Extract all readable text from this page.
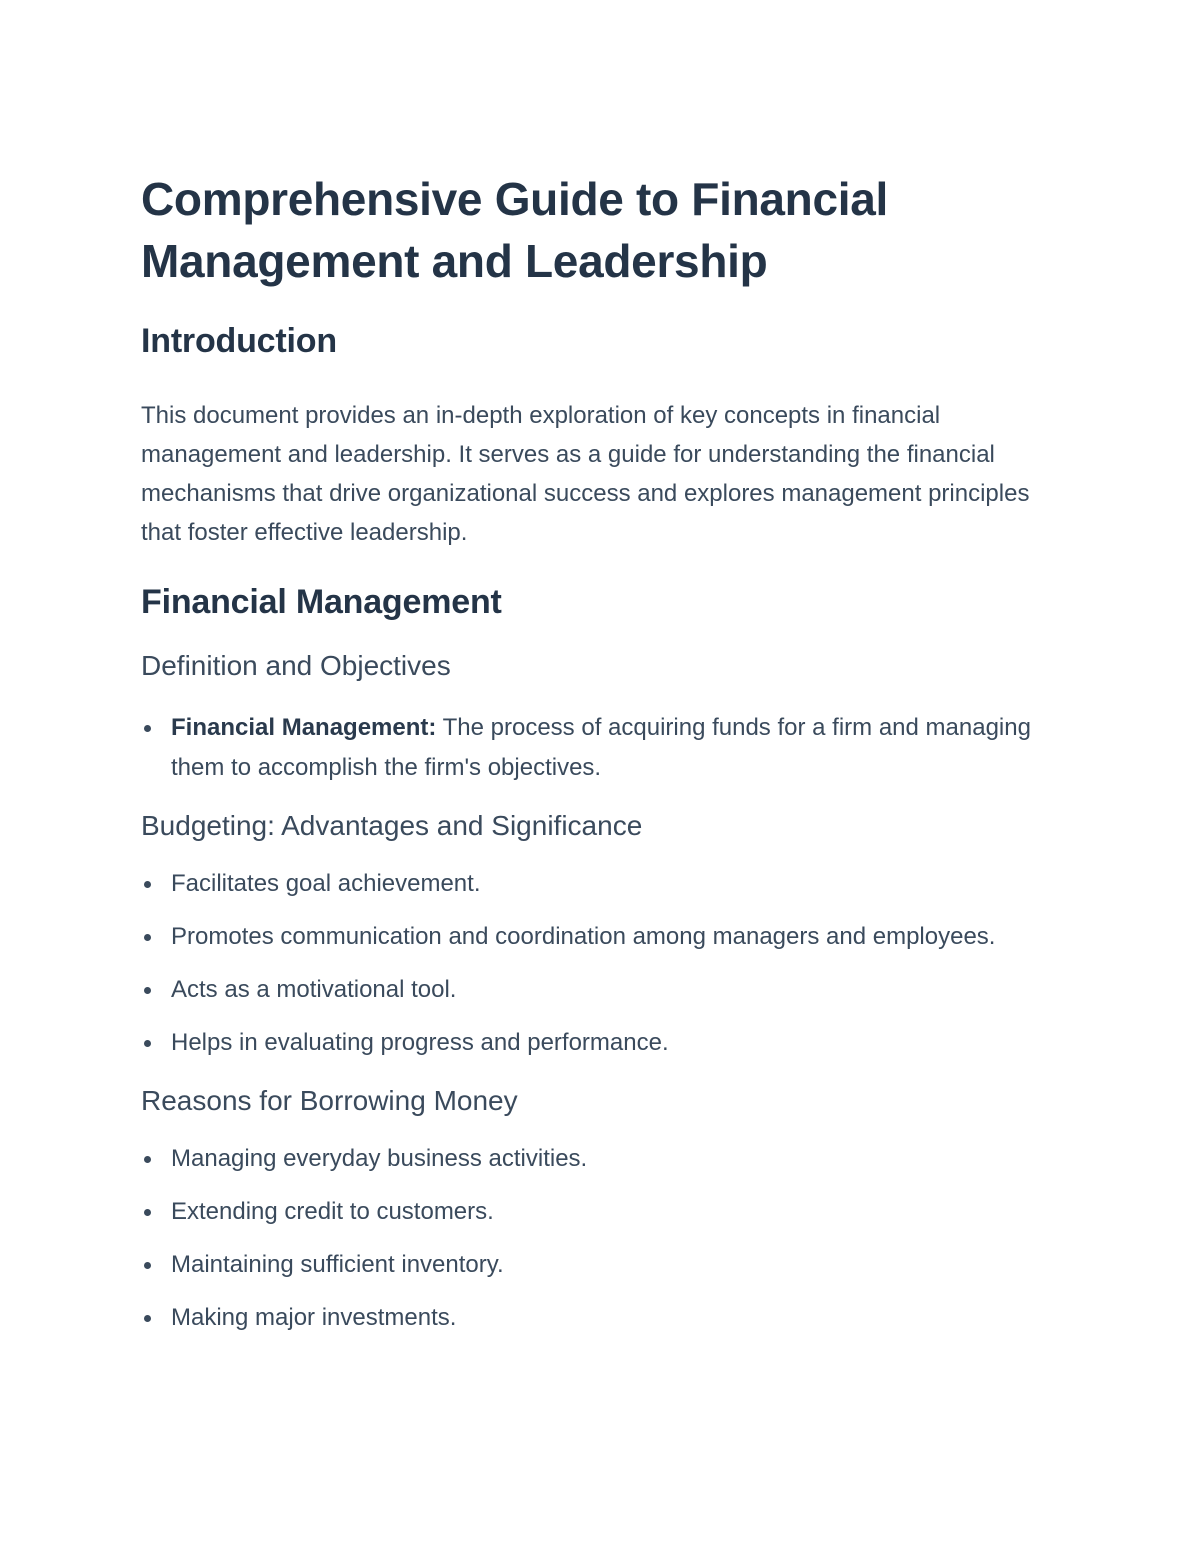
Comprehensive Guide to Financial Management and Leadership
Introduction

This document provides an in-depth exploration of key concepts in financial management and leadership. It serves as a guide for understanding the financial mechanisms that drive organizational success and explores management principles that foster effective leadership.

Financial Management
Definition and Objectives
Financial Management: The process of acquiring funds for a firm and managing them to accomplish the firm's objectives.
Budgeting: Advantages and Significance
Facilitates goal achievement.
Promotes communication and coordination among managers and employees.
Acts as a motivational tool.
Helps in evaluating progress and performance.
Reasons for Borrowing Money
Managing everyday business activities.
Extending credit to customers.
Maintaining sufficient inventory.
Making major investments.
